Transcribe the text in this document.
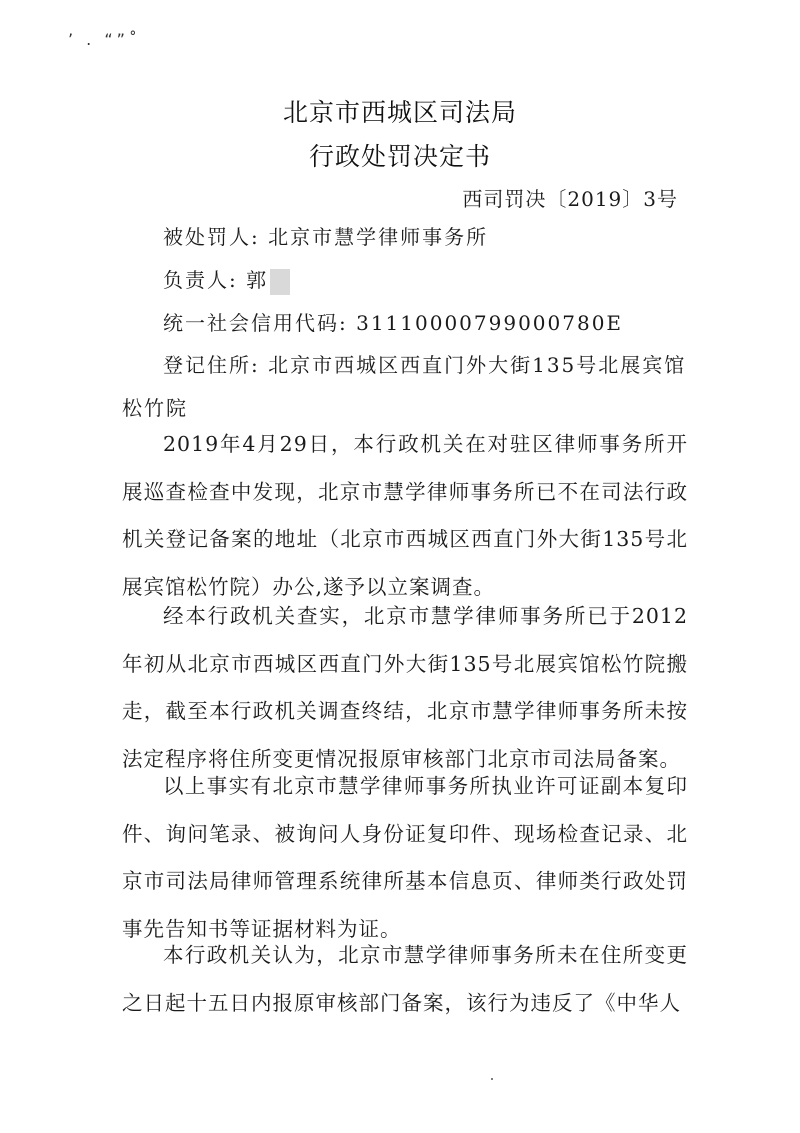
’ . “”˚
北京市西城区司法局
行政处罚决定书
西司罚决〔2019〕3号
被处罚人: 北京市慧学律师事务所
负责人: 郭
统一社会信用代码: 31110000799000780E
登记住所: 北京市西城区西直门外大街135号北展宾馆
松竹院
2019年4月29日，本行政机关在对驻区律师事务所开展巡查检查中发现，北京市慧学律师事务所已不在司法行政机关登记备案的地址（北京市西城区西直门外大街135号北展宾馆松竹院）办公,遂予以立案调查。
经本行政机关查实，北京市慧学律师事务所已于2012年初从北京市西城区西直门外大街135号北展宾馆松竹院搬走，截至本行政机关调查终结，北京市慧学律师事务所未按法定程序将住所变更情况报原审核部门北京市司法局备案。
以上事实有北京市慧学律师事务所执业许可证副本复印件、询问笔录、被询问人身份证复印件、现场检查记录、北京市司法局律师管理系统律所基本信息页、律师类行政处罚事先告知书等证据材料为证。
本行政机关认为，北京市慧学律师事务所未在住所变更之日起十五日内报原审核部门备案，该行为违反了《中华人
